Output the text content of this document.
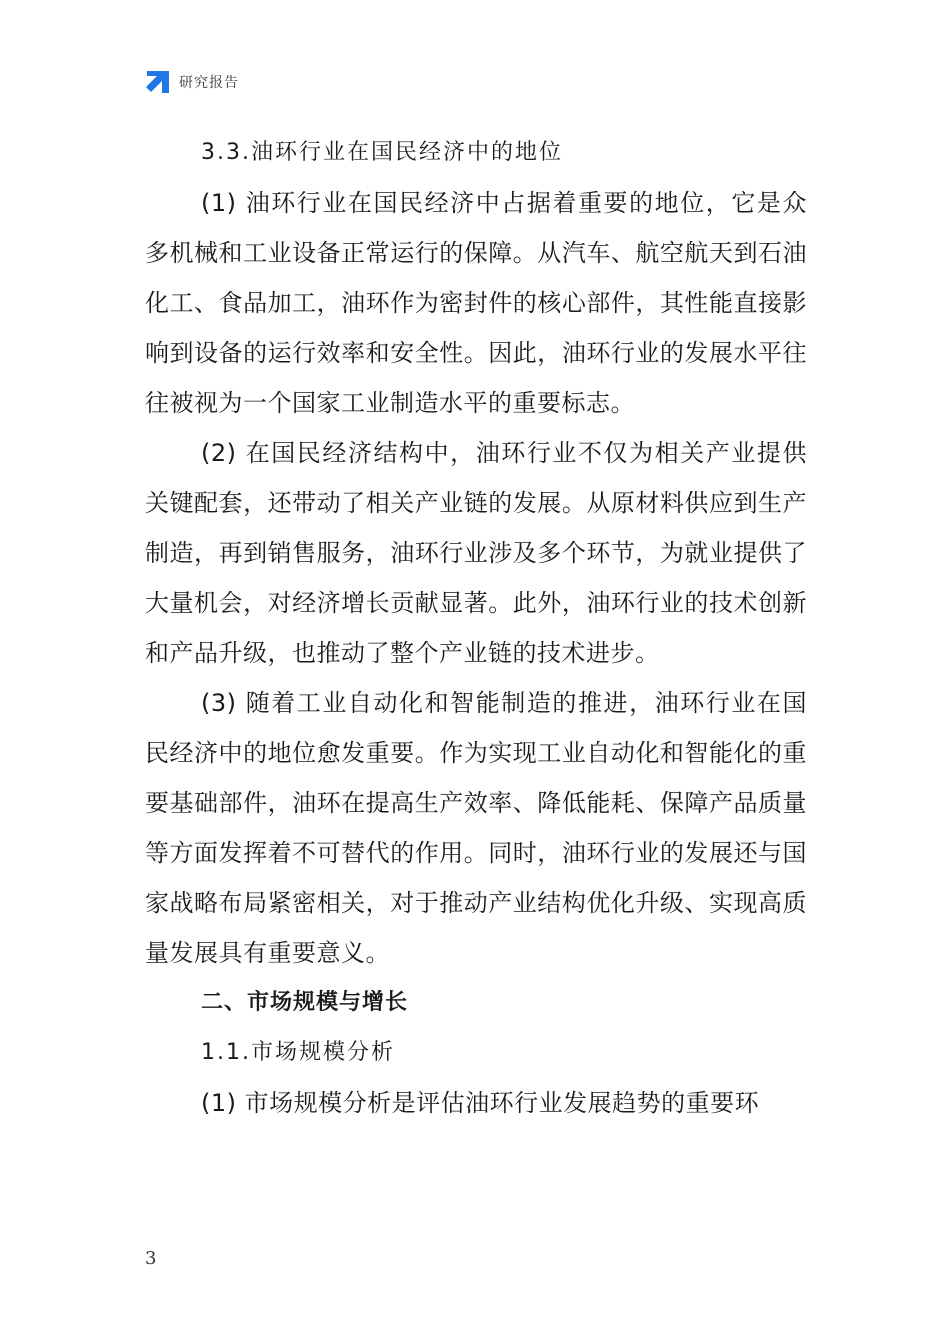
研究报告
3.3.油环行业在国民经济中的地位

(1) 油环行业在国民经济中占据着重要的地位，它是众多机械和工业设备正常运行的保障。从汽车、航空航天到石油化工、食品加工，油环作为密封件的核心部件，其性能直接影响到设备的运行效率和安全性。因此，油环行业的发展水平往往被视为一个国家工业制造水平的重要标志。

(2) 在国民经济结构中，油环行业不仅为相关产业提供关键配套，还带动了相关产业链的发展。从原材料供应到生产制造，再到销售服务，油环行业涉及多个环节，为就业提供了大量机会，对经济增长贡献显著。此外，油环行业的技术创新和产品升级，也推动了整个产业链的技术进步。

(3) 随着工业自动化和智能制造的推进，油环行业在国民经济中的地位愈发重要。作为实现工业自动化和智能化的重要基础部件，油环在提高生产效率、降低能耗、保障产品质量等方面发挥着不可替代的作用。同时，油环行业的发展还与国家战略布局紧密相关，对于推动产业结构优化升级、实现高质量发展具有重要意义。

二、市场规模与增长
1.1.市场规模分析

(1) 市场规模分析是评估油环行业发展趋势的重要环

3
